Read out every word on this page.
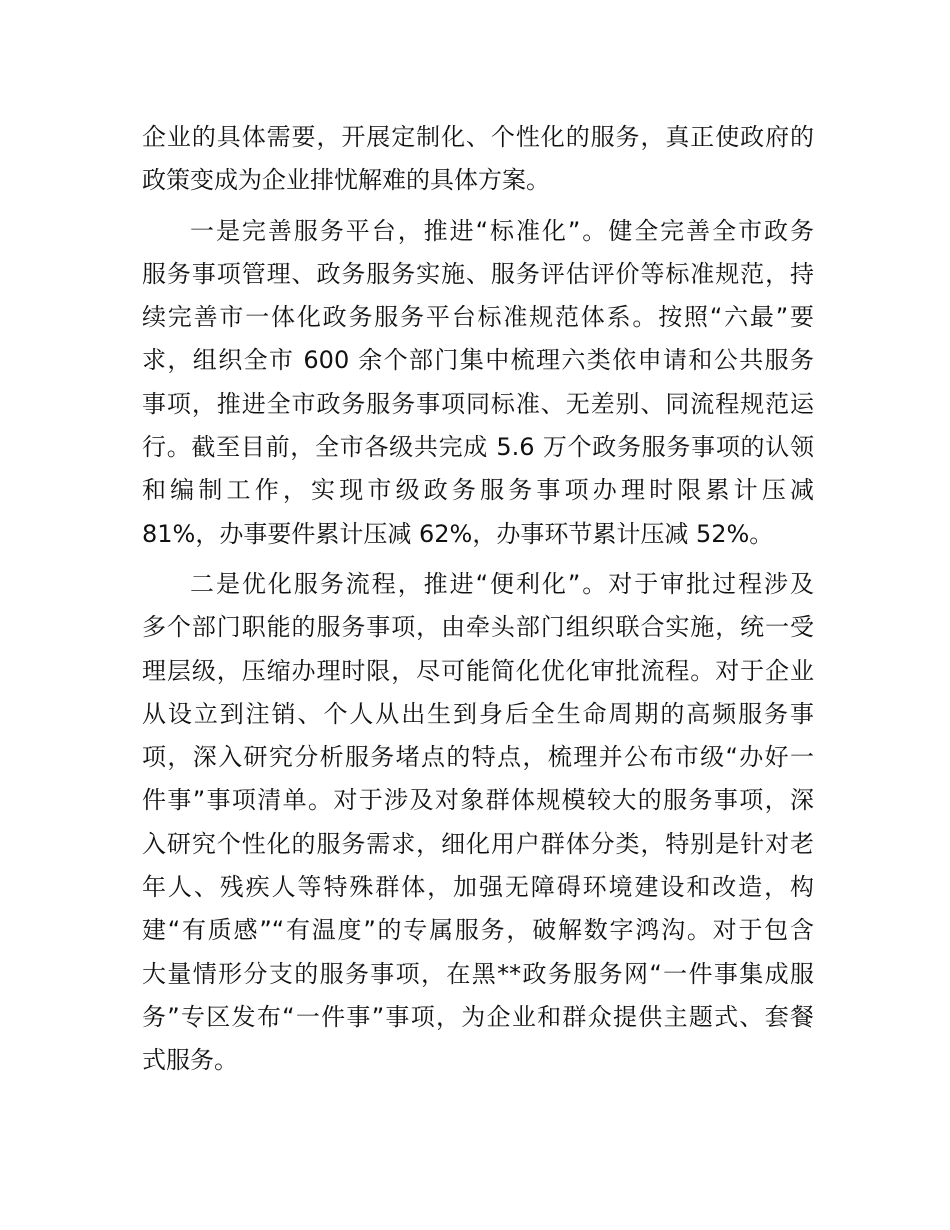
企业的具体需要，开展定制化、个性化的服务，真正使政府的
政策变成为企业排忧解难的具体方案。
一是完善服务平台，推进“标准化”。健全完善全市政务
服务事项管理、政务服务实施、服务评估评价等标准规范，持
续完善市一体化政务服务平台标准规范体系。按照“六最”要
求，组织全市 600 余个部门集中梳理六类依申请和公共服务
事项，推进全市政务服务事项同标准、无差别、同流程规范运
行。截至目前，全市各级共完成 5.6 万个政务服务事项的认领
和编制工作，实现市级政务服务事项办理时限累计压减
81%，办事要件累计压减 62%，办事环节累计压减 52%。
二是优化服务流程，推进“便利化”。对于审批过程涉及
多个部门职能的服务事项，由牵头部门组织联合实施，统一受
理层级，压缩办理时限，尽可能简化优化审批流程。对于企业
从设立到注销、个人从出生到身后全生命周期的高频服务事
项，深入研究分析服务堵点的特点，梳理并公布市级“办好一
件事”事项清单。对于涉及对象群体规模较大的服务事项，深
入研究个性化的服务需求，细化用户群体分类，特别是针对老
年人、残疾人等特殊群体，加强无障碍环境建设和改造，构
建“有质感”“有温度”的专属服务，破解数字鸿沟。对于包含
大量情形分支的服务事项，在黑**政务服务网“一件事集成服
务”专区发布“一件事”事项，为企业和群众提供主题式、套餐
式服务。
